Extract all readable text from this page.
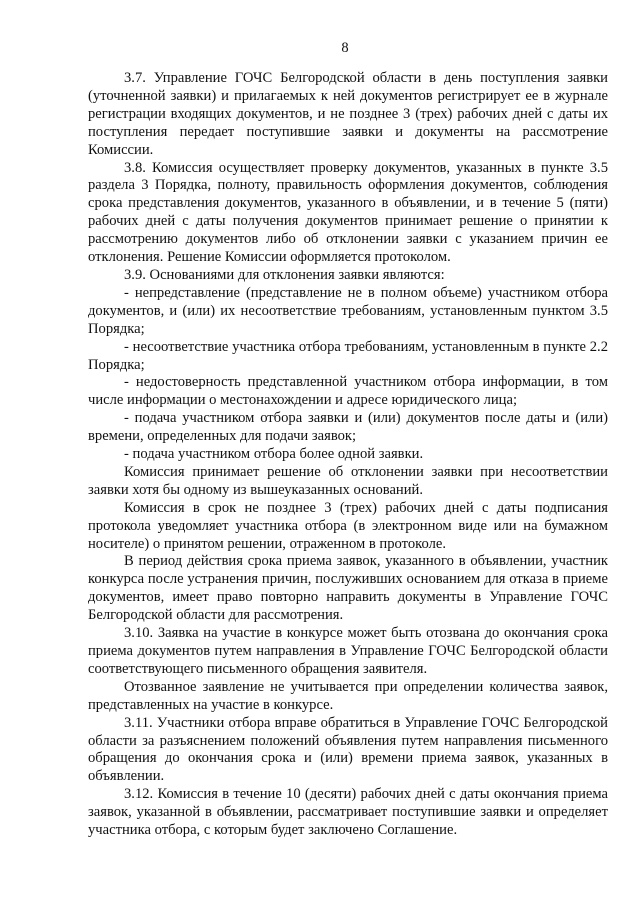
8

3.7. Управление ГОЧС Белгородской области в день поступления заявки (уточненной заявки) и прилагаемых к ней документов регистрирует ее в журнале регистрации входящих документов, и не позднее 3 (трех) рабочих дней с даты их поступления передает поступившие заявки и документы на рассмотрение Комиссии.

3.8. Комиссия осуществляет проверку документов, указанных в пункте 3.5 раздела 3 Порядка, полноту, правильность оформления документов, соблюдения срока представления документов, указанного в объявлении, и в течение 5 (пяти) рабочих дней с даты получения документов принимает решение о принятии к рассмотрению документов либо об отклонении заявки с указанием причин ее отклонения. Решение Комиссии оформляется протоколом.

3.9. Основаниями для отклонения заявки являются:

- непредставление (представление не в полном объеме) участником отбора документов, и (или) их несоответствие требованиям, установленным пунктом 3.5 Порядка;

- несоответствие участника отбора требованиям, установленным в пункте 2.2 Порядка;

- недостоверность представленной участником отбора информации, в том числе информации о местонахождении и адресе юридического лица;

- подача участником отбора заявки и (или) документов после даты и (или) времени, определенных для подачи заявок;

- подача участником отбора более одной заявки.

Комиссия принимает решение об отклонении заявки при несоответствии заявки хотя бы одному из вышеуказанных оснований.

Комиссия в срок не позднее 3 (трех) рабочих дней с даты подписания протокола уведомляет участника отбора (в электронном виде или на бумажном носителе) о принятом решении, отраженном в протоколе.

В период действия срока приема заявок, указанного в объявлении, участник конкурса после устранения причин, послуживших основанием для отказа в приеме документов, имеет право повторно направить документы в Управление ГОЧС Белгородской области для рассмотрения.

3.10. Заявка на участие в конкурсе может быть отозвана до окончания срока приема документов путем направления в Управление ГОЧС Белгородской области соответствующего письменного обращения заявителя.

Отозванное заявление не учитывается при определении количества заявок, представленных на участие в конкурсе.

3.11. Участники отбора вправе обратиться в Управление ГОЧС Белгородской области за разъяснением положений объявления путем направления письменного обращения до окончания срока и (или) времени приема заявок, указанных в объявлении.

3.12. Комиссия в течение 10 (десяти) рабочих дней с даты окончания приема заявок, указанной в объявлении, рассматривает поступившие заявки и определяет участника отбора, с которым будет заключено Соглашение.
